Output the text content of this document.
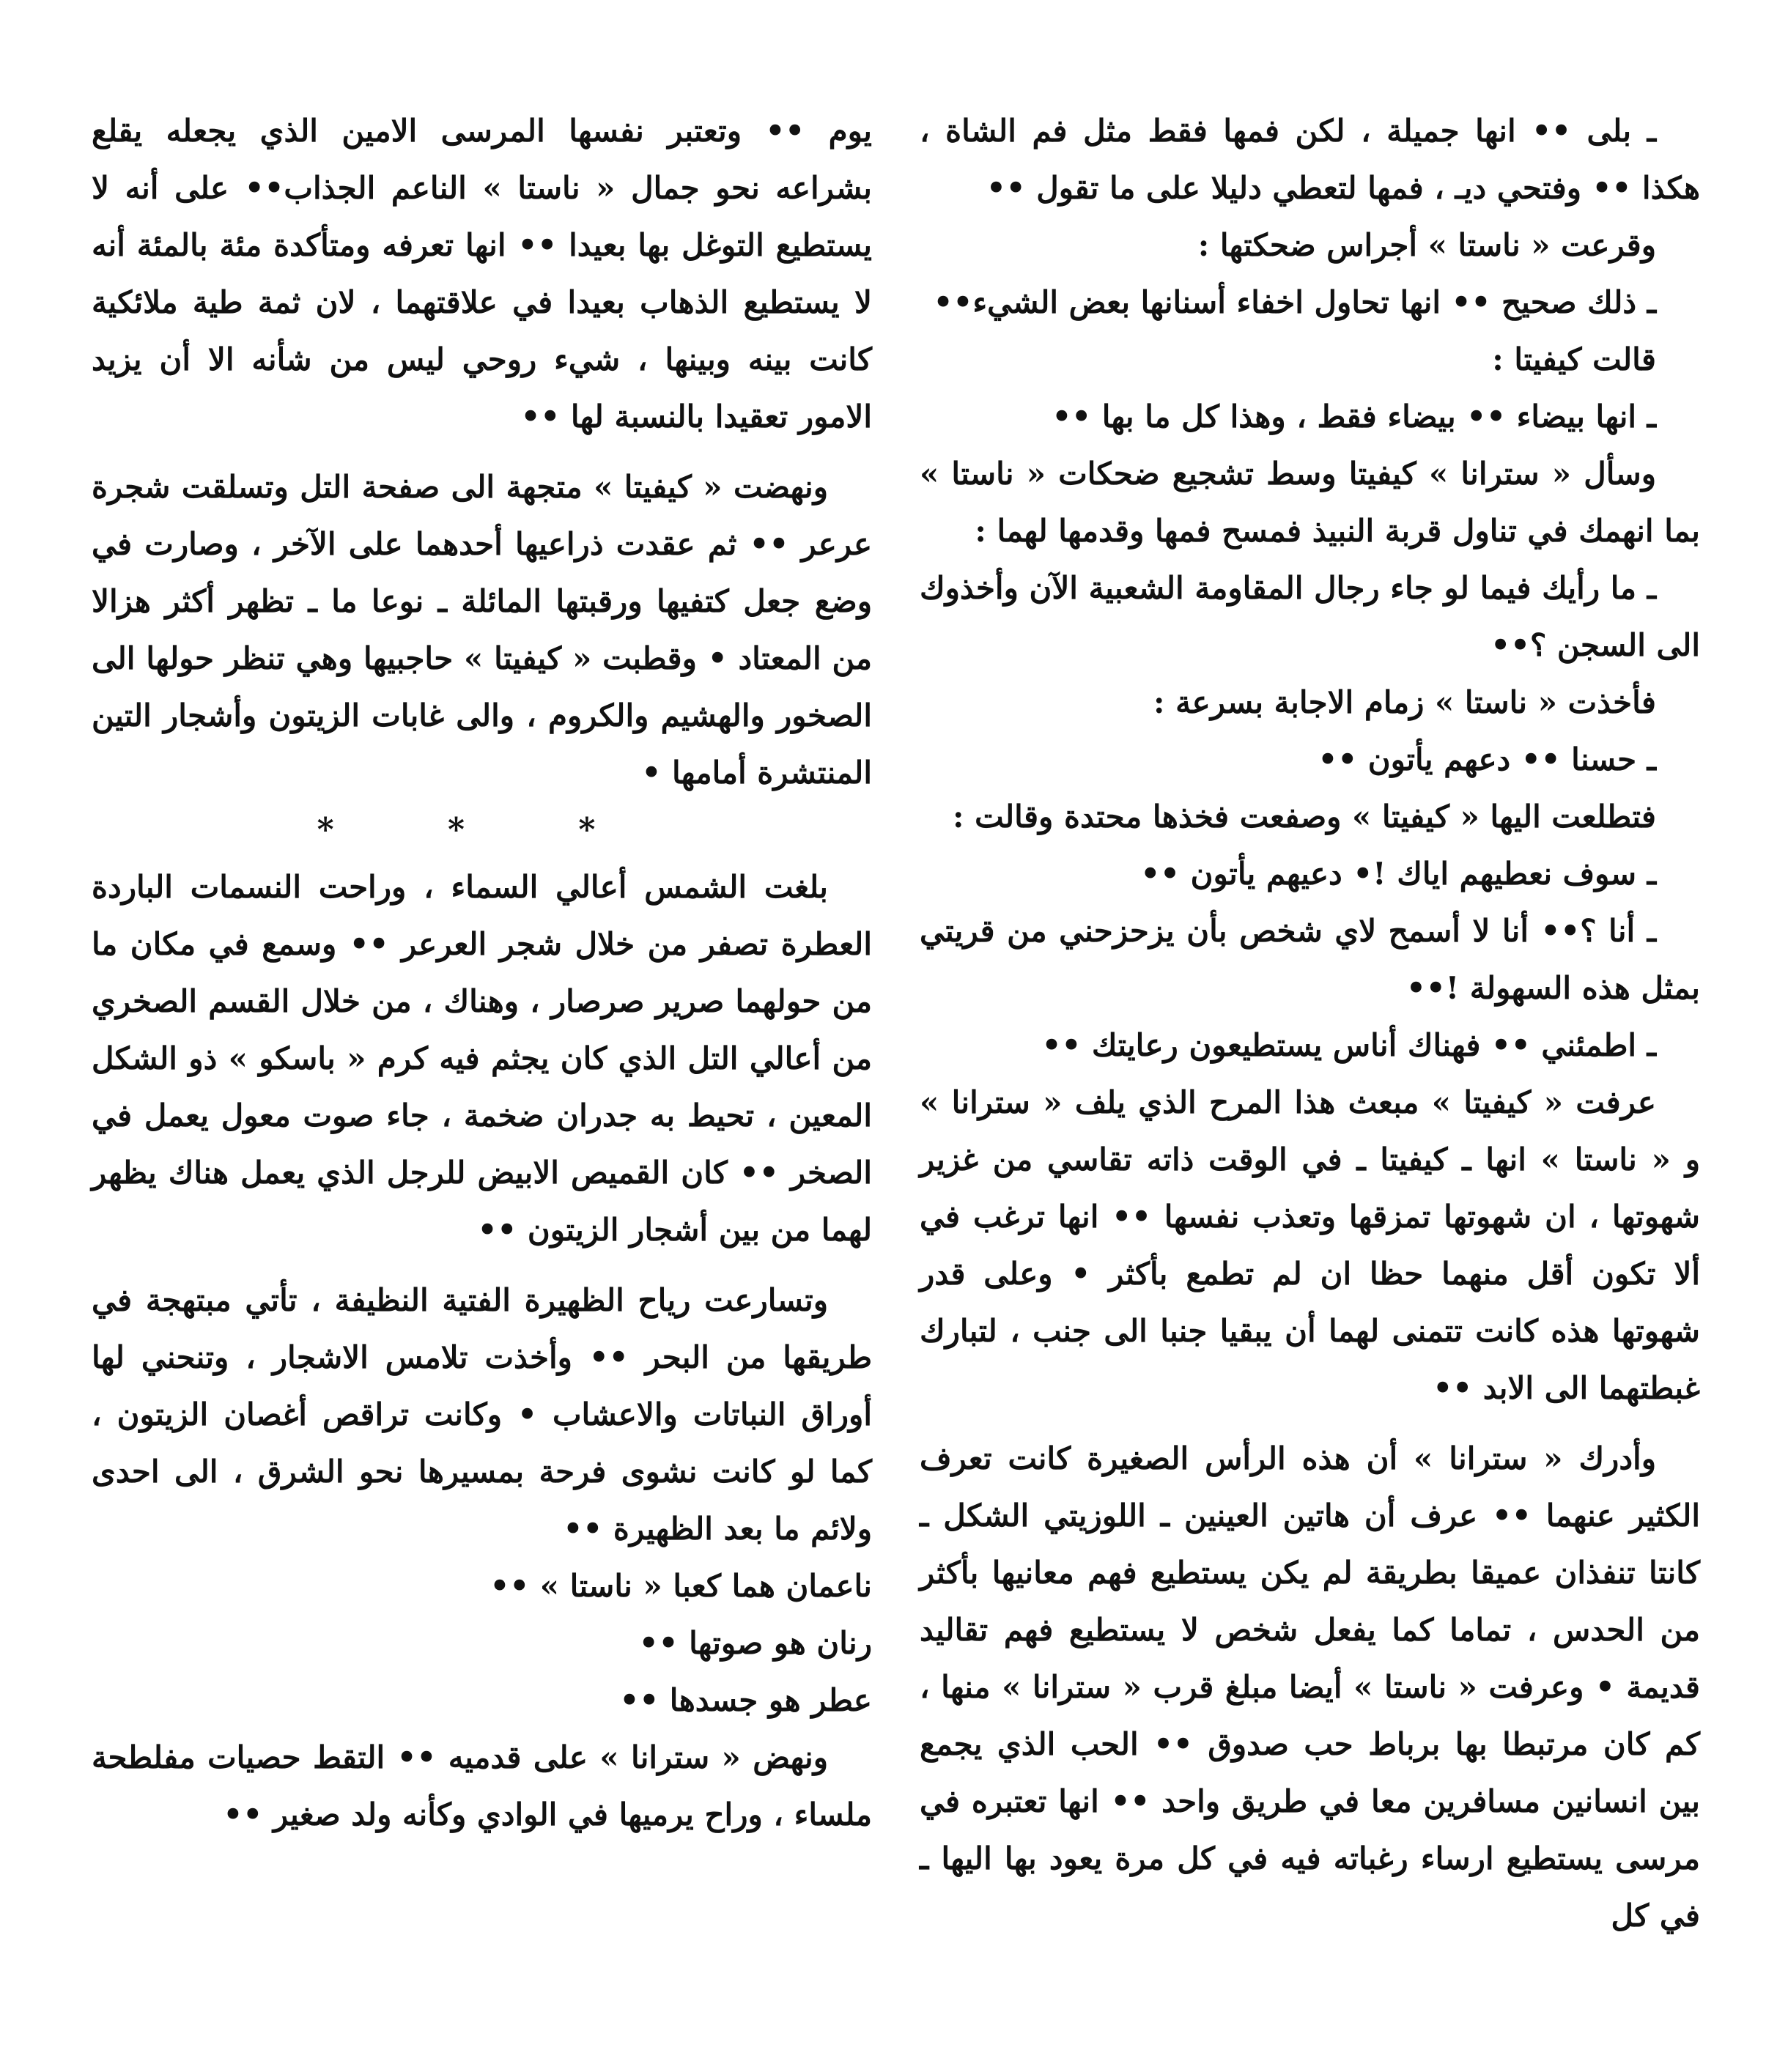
ـ بلى •• انها جميلة ، لكن فمها فقط مثل فم الشاة ، هكذا •• وفتحي ديـ ، فمها لتعطي دليلا على ما تقول ••

وقرعت « ناستا » أجراس ضحكتها :

ـ ذلك صحيح •• انها تحاول اخفاء أسنانها بعض الشيء••

قالت كيفيتا :

ـ انها بيضاء •• بيضاء فقط ، وهذا كل ما بها ••

وسأل « سترانا » كيفيتا وسط تشجيع ضحكات « ناستا » بما انهمك في تناول قربة النبيذ فمسح فمها وقدمها لهما :

ـ ما رأيك فيما لو جاء رجال المقاومة الشعبية الآن وأخذوك الى السجن ؟••

فأخذت « ناستا » زمام الاجابة بسرعة :

ـ حسنا •• دعهم يأتون ••

فتطلعت اليها « كيفيتا » وصفعت فخذها محتدة وقالت :

ـ سوف نعطيهم اياك !• دعيهم يأتون ••

ـ أنا ؟•• أنا لا أسمح لاي شخص بأن يزحزحني من قريتي بمثل هذه السهولة !••

ـ اطمئني •• فهناك أناس يستطيعون رعايتك ••

عرفت « كيفيتا » مبعث هذا المرح الذي يلف « سترانا » و « ناستا » انها ـ كيفيتا ـ في الوقت ذاته تقاسي من غزير شهوتها ، ان شهوتها تمزقها وتعذب نفسها •• انها ترغب في ألا تكون أقل منهما حظا ان لم تطمع بأكثر • وعلى قدر شهوتها هذه كانت تتمنى لهما أن يبقيا جنبا الى جنب ، لتبارك غبطتهما الى الابد ••

وأدرك « سترانا » أن هذه الرأس الصغيرة كانت تعرف الكثير عنهما •• عرف أن هاتين العينين ـ اللوزيتي الشكل ـ كانتا تنفذان عميقا بطريقة لم يكن يستطيع فهم معانيها بأكثر من الحدس ، تماما كما يفعل شخص لا يستطيع فهم تقاليد قديمة • وعرفت « ناستا » أيضا مبلغ قرب « سترانا » منها ، كم كان مرتبطا بها برباط حب صدوق •• الحب الذي يجمع بين انسانين مسافرين معا في طريق واحد •• انها تعتبره في مرسى يستطيع ارساء رغباته فيه في كل مرة يعود بها اليها ـ في كل

يوم •• وتعتبر نفسها المرسى الامين الذي يجعله يقلع بشراعه نحو جمال « ناستا » الناعم الجذاب•• على أنه لا يستطيع التوغل بها بعيدا •• انها تعرفه ومتأكدة مئة بالمئة أنه لا يستطيع الذهاب بعيدا في علاقتهما ، لان ثمة طية ملائكية كانت بينه وبينها ، شيء روحي ليس من شأنه الا أن يزيد الامور تعقيدا بالنسبة لها ••

ونهضت « كيفيتا » متجهة الى صفحة التل وتسلقت شجرة عرعر •• ثم عقدت ذراعيها أحدهما على الآخر ، وصارت في وضع جعل كتفيها ورقبتها المائلة ـ نوعا ما ـ تظهر أكثر هزالا من المعتاد • وقطبت « كيفيتا » حاجبيها وهي تنظر حولها الى الصخور والهشيم والكروم ، والى غابات الزيتون وأشجار التين المنتشرة أمامها •

* * *

بلغت الشمس أعالي السماء ، وراحت النسمات الباردة العطرة تصفر من خلال شجر العرعر •• وسمع في مكان ما من حولهما صرير صرصار ، وهناك ، من خلال القسم الصخري من أعالي التل الذي كان يجثم فيه كرم « باسكو » ذو الشكل المعين ، تحيط به جدران ضخمة ، جاء صوت معول يعمل في الصخر •• كان القميص الابيض للرجل الذي يعمل هناك يظهر لهما من بين أشجار الزيتون ••

وتسارعت رياح الظهيرة الفتية النظيفة ، تأتي مبتهجة في طريقها من البحر •• وأخذت تلامس الاشجار ، وتنحني لها أوراق النباتات والاعشاب • وكانت تراقص أغصان الزيتون ، كما لو كانت نشوى فرحة بمسيرها نحو الشرق ، الى احدى ولائم ما بعد الظهيرة ••

ناعمان هما كعبا « ناستا » ••

رنان هو صوتها ••

عطر هو جسدها ••

ونهض « سترانا » على قدميه •• التقط حصيات مفلطحة ملساء ، وراح يرميها في الوادي وكأنه ولد صغير ••
